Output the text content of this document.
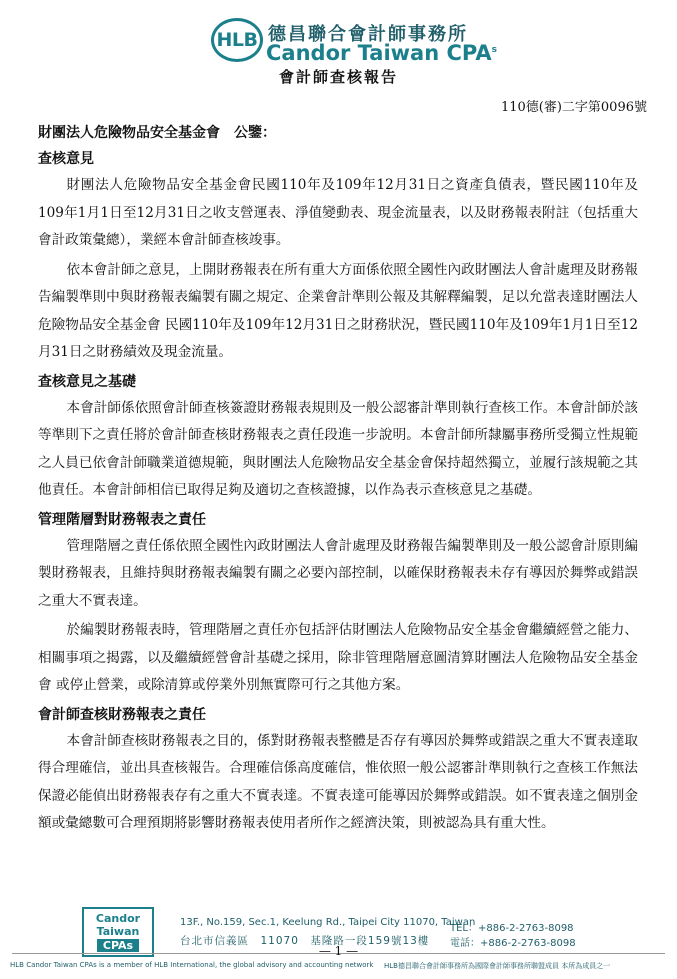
HLB 德昌聯合會計師事務所
Candor Taiwan CPA$^s$
會計師查核報告
110德(審)二字第0096號

財團法人危險物品安全基金會　公鑒：

查核意見

財團法人危險物品安全基金會民國110年及109年12月31日之資產負債表，暨民國110年及109年1月1日至12月31日之收支營運表、淨值變動表、現金流量表，以及財務報表附註（包括重大會計政策彙總），業經本會計師查核竣事。

依本會計師之意見，上開財務報表在所有重大方面係依照全國性內政財團法人會計處理及財務報告編製準則中與財務報表編製有關之規定、企業會計準則公報及其解釋編製，足以允當表達財團法人危險物品安全基金會 民國110年及109年12月31日之財務狀況，暨民國110年及109年1月1日至12月31日之財務績效及現金流量。

查核意見之基礎

本會計師係依照會計師查核簽證財務報表規則及一般公認審計準則執行查核工作。本會計師於該等準則下之責任將於會計師查核財務報表之責任段進一步說明。本會計師所隸屬事務所受獨立性規範之人員已依會計師職業道德規範，與財團法人危險物品安全基金會保持超然獨立，並履行該規範之其他責任。本會計師相信已取得足夠及適切之查核證據，以作為表示查核意見之基礎。

管理階層對財務報表之責任

管理階層之責任係依照全國性內政財團法人會計處理及財務報告編製準則及一般公認會計原則編製財務報表，且維持與財務報表編製有關之必要內部控制，以確保財務報表未存有導因於舞弊或錯誤之重大不實表達。

於編製財務報表時，管理階層之責任亦包括評估財團法人危險物品安全基金會繼續經營之能力、相關事項之揭露，以及繼續經營會計基礎之採用，除非管理階層意圖清算財團法人危險物品安全基金會 或停止營業，或除清算或停業外別無實際可行之其他方案。

會計師查核財務報表之責任

本會計師查核財務報表之目的，係對財務報表整體是否存有導因於舞弊或錯誤之重大不實表達取得合理確信，並出具查核報告。合理確信係高度確信，惟依照一般公認審計準則執行之查核工作無法保證必能偵出財務報表存有之重大不實表達。不實表達可能導因於舞弊或錯誤。如不實表達之個別金額或彙總數可合理預期將影響財務報表使用者所作之經濟決策，則被認為具有重大性。

Candor
Taiwan
CPAs
13F., No.159, Sec.1, Keelung Rd., Taipei City 11070, Taiwan
台北市信義區　11070　基隆路一段159號13樓
TEL：+886-2-2763-8098
電話：+886-2-2763-8098
— 1 —
HLB Candor Taiwan CPAs is a member of HLB International, the global advisory and accounting network HLB德昌聯合會計師事務所為國際會計師事務所聯盟成員 本所為成員之一
